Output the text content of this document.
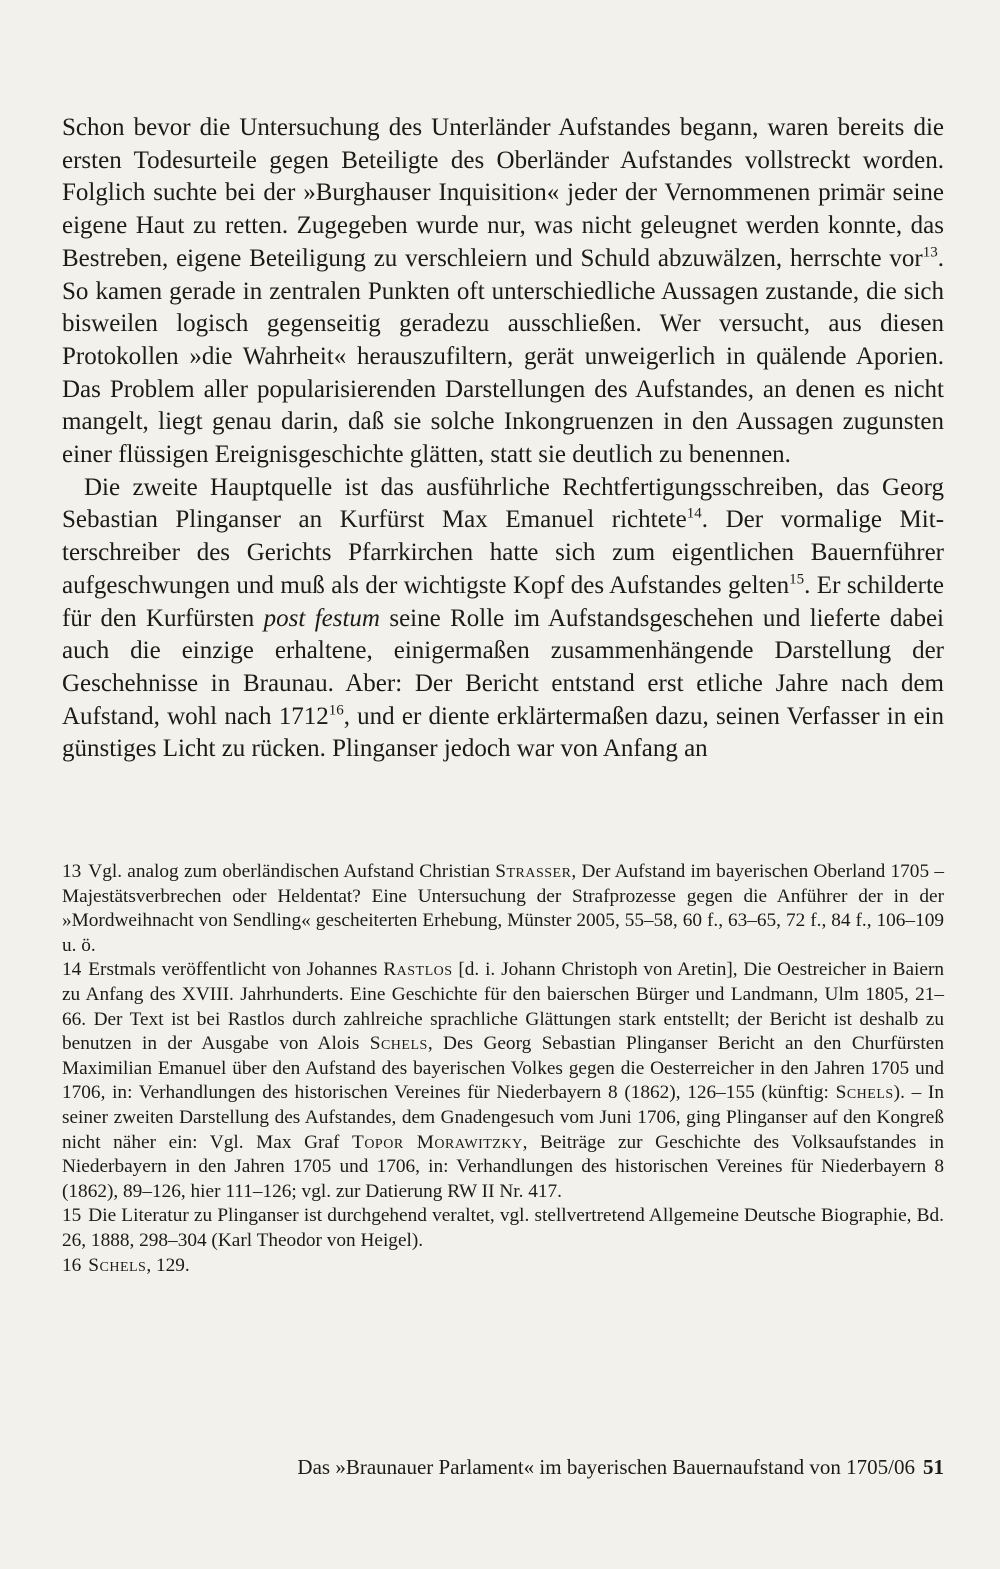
Schon bevor die Untersuchung des Unterländer Aufstandes begann, waren bereits die ersten Todesurteile gegen Beteiligte des Oberländer Aufstandes vollstreckt worden. Folglich suchte bei der »Burghauser Inquisition« jeder der Vernommenen primär seine eigene Haut zu retten. Zugegeben wurde nur, was nicht geleugnet werden konnte, das Bestreben, eigene Beteiligung zu verschleiern und Schuld abzuwälzen, herrschte vor$^{13}$. So kamen gerade in zentralen Punkten oft unterschiedliche Aussagen zustande, die sich bisweilen logisch gegenseitig geradezu ausschließen. Wer versucht, aus diesen Protokollen »die Wahrheit« herauszufiltern, gerät unweigerlich in quälende Aporien. Das Problem aller popularisierenden Darstellungen des Aufstandes, an denen es nicht mangelt, liegt genau darin, daß sie solche Inkongruenzen in den Aussagen zugunsten einer flüssigen Ereignisgeschichte glätten, statt sie deutlich zu benennen.

Die zweite Hauptquelle ist das ausführliche Rechtfertigungsschreiben, das Georg Sebastian Plinganser an Kurfürst Max Emanuel richtete$^{14}$. Der vormalige Mitterschreiber des Gerichts Pfarrkirchen hatte sich zum eigentlichen Bauernführer aufgeschwungen und muß als der wichtigste Kopf des Aufstandes gelten$^{15}$. Er schilderte für den Kurfürsten post festum seine Rolle im Aufstandsgeschehen und lieferte dabei auch die einzige erhaltene, einigermaßen zusammenhängende Darstellung der Geschehnisse in Braunau. Aber: Der Bericht entstand erst etliche Jahre nach dem Aufstand, wohl nach 1712$^{16}$, und er diente erklärtermaßen dazu, seinen Verfasser in ein günstiges Licht zu rücken. Plinganser jedoch war von Anfang an

13 Vgl. analog zum oberländischen Aufstand Christian Strasser, Der Aufstand im bayerischen Oberland 1705 – Majestätsverbrechen oder Heldentat? Eine Untersuchung der Strafprozesse gegen die Anführer der in der »Mordweihnacht von Sendling« gescheiterten Erhebung, Münster 2005, 55–58, 60 f., 63–65, 72 f., 84 f., 106–109 u. ö.

14 Erstmals veröffentlicht von Johannes Rastlos [d. i. Johann Christoph von Aretin], Die Oestreicher in Baiern zu Anfang des XVIII. Jahrhunderts. Eine Geschichte für den baierschen Bürger und Landmann, Ulm 1805, 21–66. Der Text ist bei Rastlos durch zahlreiche sprachliche Glättungen stark entstellt; der Bericht ist deshalb zu benutzen in der Ausgabe von Alois Schels, Des Georg Sebastian Plinganser Bericht an den Churfürsten Maximilian Emanuel über den Aufstand des bayerischen Volkes gegen die Oesterreicher in den Jahren 1705 und 1706, in: Verhandlungen des historischen Vereines für Niederbayern 8 (1862), 126–155 (künftig: Schels). – In seiner zweiten Darstellung des Aufstandes, dem Gnadengesuch vom Juni 1706, ging Plinganser auf den Kongreß nicht näher ein: Vgl. Max Graf Topor Morawitzky, Beiträge zur Geschichte des Volksaufstandes in Niederbayern in den Jahren 1705 und 1706, in: Verhandlungen des historischen Vereines für Niederbayern 8 (1862), 89–126, hier 111–126; vgl. zur Datierung RW II Nr. 417.

15 Die Literatur zu Plinganser ist durchgehend veraltet, vgl. stellvertretend Allgemeine Deutsche Biographie, Bd. 26, 1888, 298–304 (Karl Theodor von Heigel).

16 Schels, 129.

Das »Braunauer Parlament« im bayerischen Bauernaufstand von 1705/06 51
